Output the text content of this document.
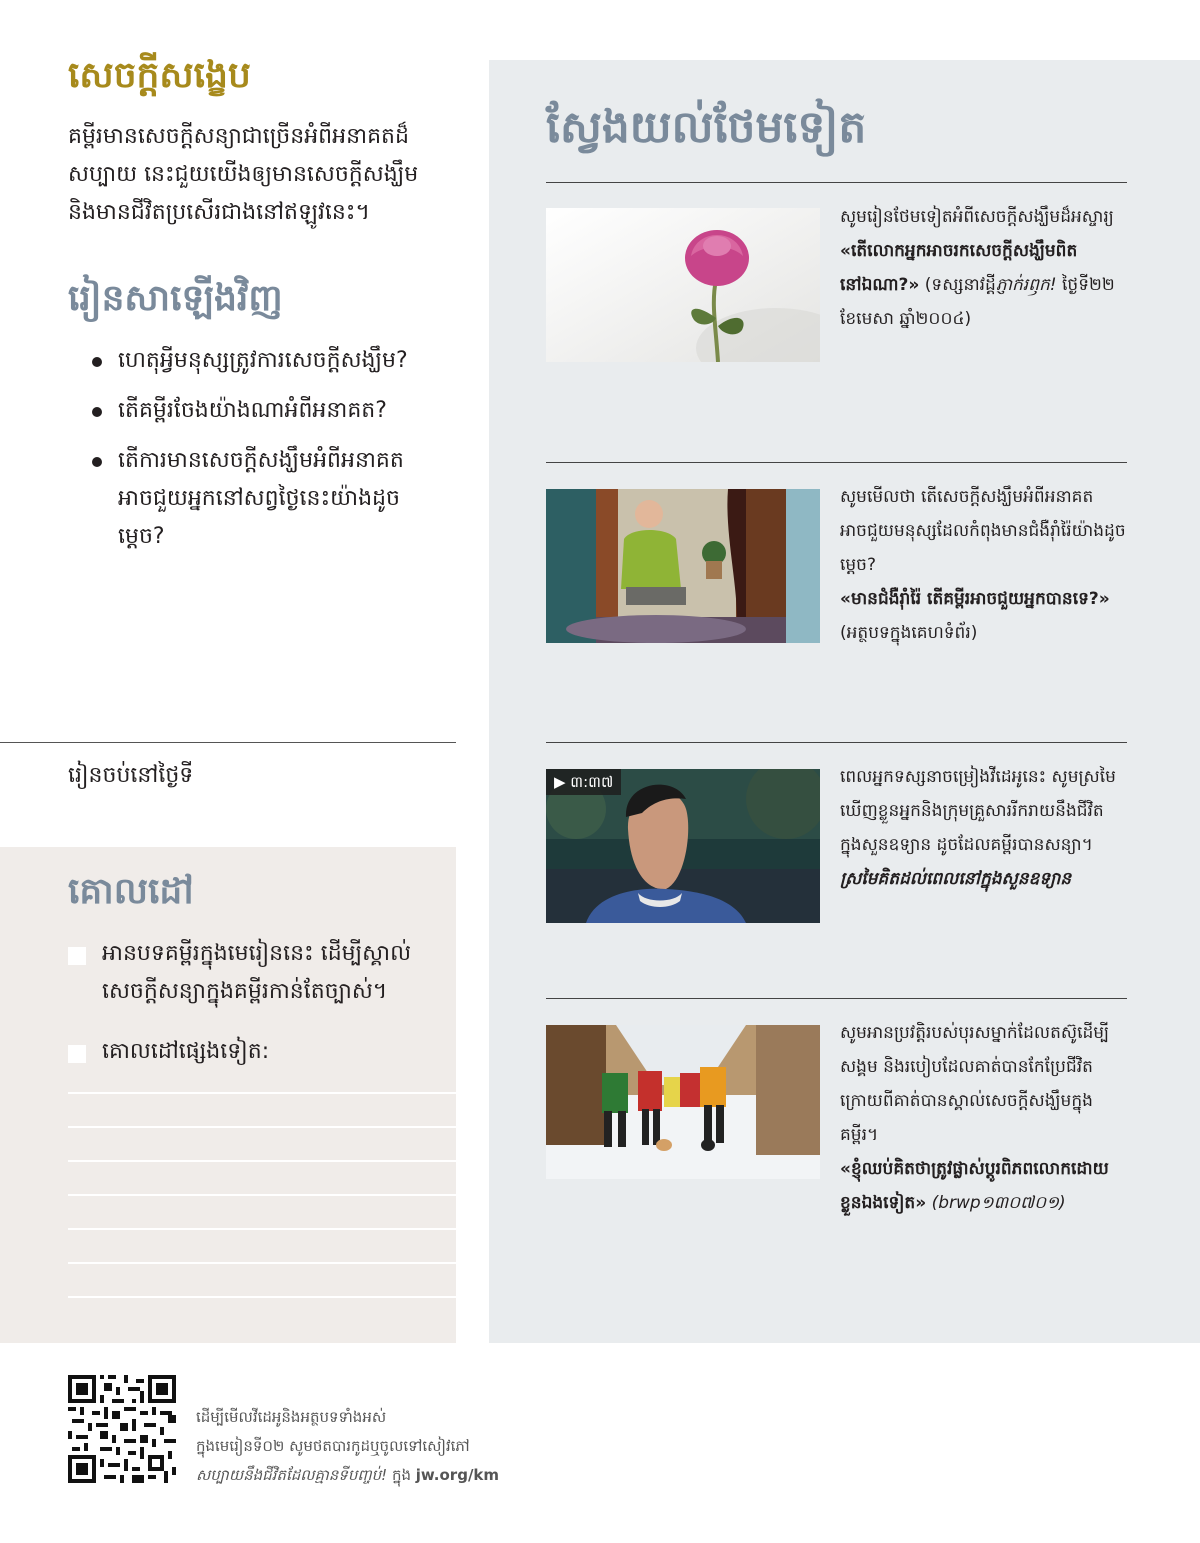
សេចក្ដីសង្ខេប

គម្ពីរមានសេចក្ដីសន្យាជាច្រើនអំពីអនាគតដ៏សប្បាយ នេះជួយយើងឲ្យមានសេចក្ដីសង្ឃឹម និងមានជីវិតប្រសើរជាងនៅឥឡូវនេះ។

រៀនសាឡើងវិញ
ហេតុអ្វីមនុស្សត្រូវការសេចក្ដីសង្ឃឹម?
តើគម្ពីរចែងយ៉ាងណាអំពីអនាគត?
តើការមានសេចក្ដីសង្ឃឹមអំពីអនាគតអាចជួយអ្នកនៅសព្វថ្ងៃនេះយ៉ាងដូចម្ដេច?
រៀនចប់នៅថ្ងៃទី
គោលដៅ
អានបទគម្ពីរក្នុងមេរៀននេះ ដើម្បីស្គាល់សេចក្ដីសន្យាក្នុងគម្ពីរកាន់តែច្បាស់។
គោលដៅផ្សេងទៀត:
ស្វែងយល់ថែមទៀត
សូមរៀនថែមទៀតអំពីសេចក្ដីសង្ឃឹមដ៏អស្ចារ្យ
«តើលោកអ្នកអាចរកសេចក្ដីសង្ឃឹមពិតនៅឯណា?» (ទស្សនាវដ្ដីភ្ញាក់រឭក! ថ្ងៃទី២២ ខែមេសា ឆ្នាំ២០០៤)
សូមមើលថា តើសេចក្ដីសង្ឃឹមអំពីអនាគតអាចជួយមនុស្សដែលកំពុងមានជំងឺរ៉ាំរ៉ៃយ៉ាងដូចម្ដេច?
«មានជំងឺរ៉ាំរ៉ៃ តើគម្ពីរអាចជួយអ្នកបានទេ?»
(អត្ថបទក្នុងគេហទំព័រ)
▶ ៣:៣៧	ពេលអ្នកទស្សនាចម្រៀងវីដេអូនេះ សូមស្រមៃឃើញខ្លួនអ្នកនិងក្រុមគ្រួសាររីករាយនឹងជីវិតក្នុងសួនឧទ្យាន ដូចដែលគម្ពីរបានសន្យា។
ស្រមៃគិតដល់ពេលនៅក្នុងសួនឧទ្យាន
សូមអានប្រវត្តិរបស់បុរសម្នាក់ដែលតស៊ូដើម្បីសង្គម និងរបៀបដែលគាត់បានកែប្រែជីវិត ក្រោយពីគាត់បានស្គាល់សេចក្ដីសង្ឃឹមក្នុងគម្ពីរ។
«ខ្ញុំឈប់គិតថាត្រូវផ្លាស់ប្ដូរពិភពលោកដោយខ្លួនឯងទៀត» (brwp១៣០៧០១)
ដើម្បីមើលវីដេអូនិងអត្ថបទទាំងអស់
ក្នុងមេរៀនទី០២ សូមថតបារកូដឬចូលទៅសៀវភៅ
សប្បាយនឹងជីវិតដែលគ្មានទីបញ្ចប់! ក្នុង jw.org/km
